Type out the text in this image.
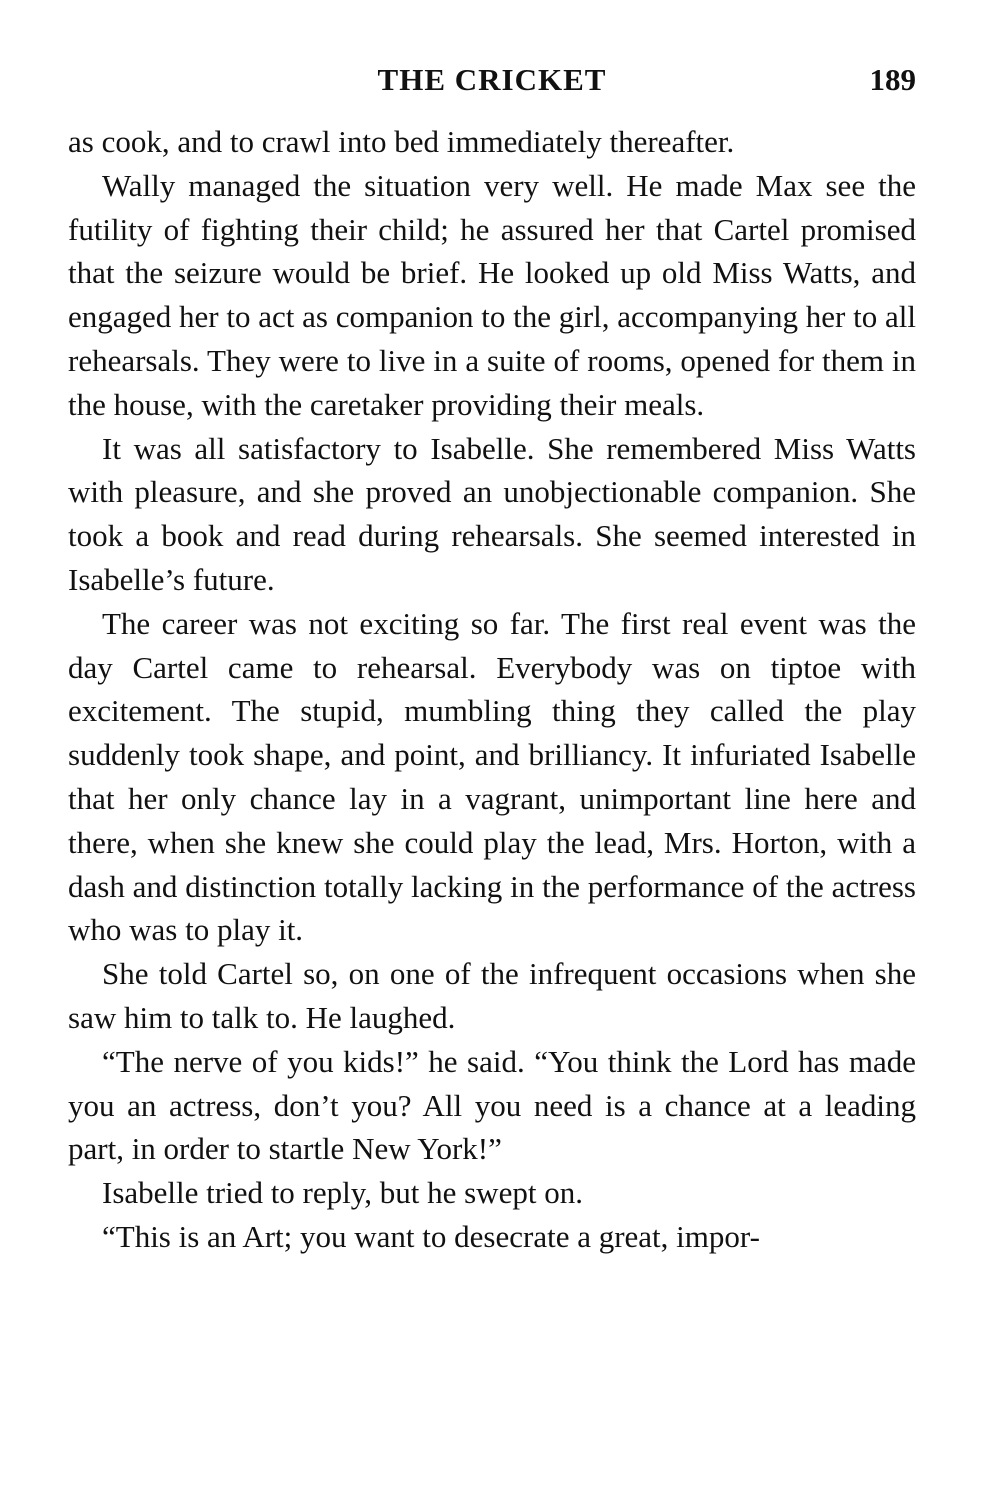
THE CRICKET	189

as cook, and to crawl into bed immediately thereafter.

Wally managed the situation very well. He made Max see the futility of fighting their child; he assured her that Cartel promised that the seizure would be brief. He looked up old Miss Watts, and engaged her to act as companion to the girl, accompanying her to all rehearsals. They were to live in a suite of rooms, opened for them in the house, with the caretaker providing their meals.

It was all satisfactory to Isabelle. She remembered Miss Watts with pleasure, and she proved an unobjectionable companion. She took a book and read during rehearsals. She seemed interested in Isabelle’s future.

The career was not exciting so far. The first real event was the day Cartel came to rehearsal. Everybody was on tiptoe with excitement. The stupid, mumbling thing they called the play suddenly took shape, and point, and brilliancy. It infuriated Isabelle that her only chance lay in a vagrant, unimportant line here and there, when she knew she could play the lead, Mrs. Horton, with a dash and distinction totally lacking in the performance of the actress who was to play it.

She told Cartel so, on one of the infrequent occasions when she saw him to talk to. He laughed.

“The nerve of you kids!” he said. “You think the Lord has made you an actress, don’t you? All you need is a chance at a leading part, in order to startle New York!”

Isabelle tried to reply, but he swept on.

“This is an Art; you want to desecrate a great, impor-
